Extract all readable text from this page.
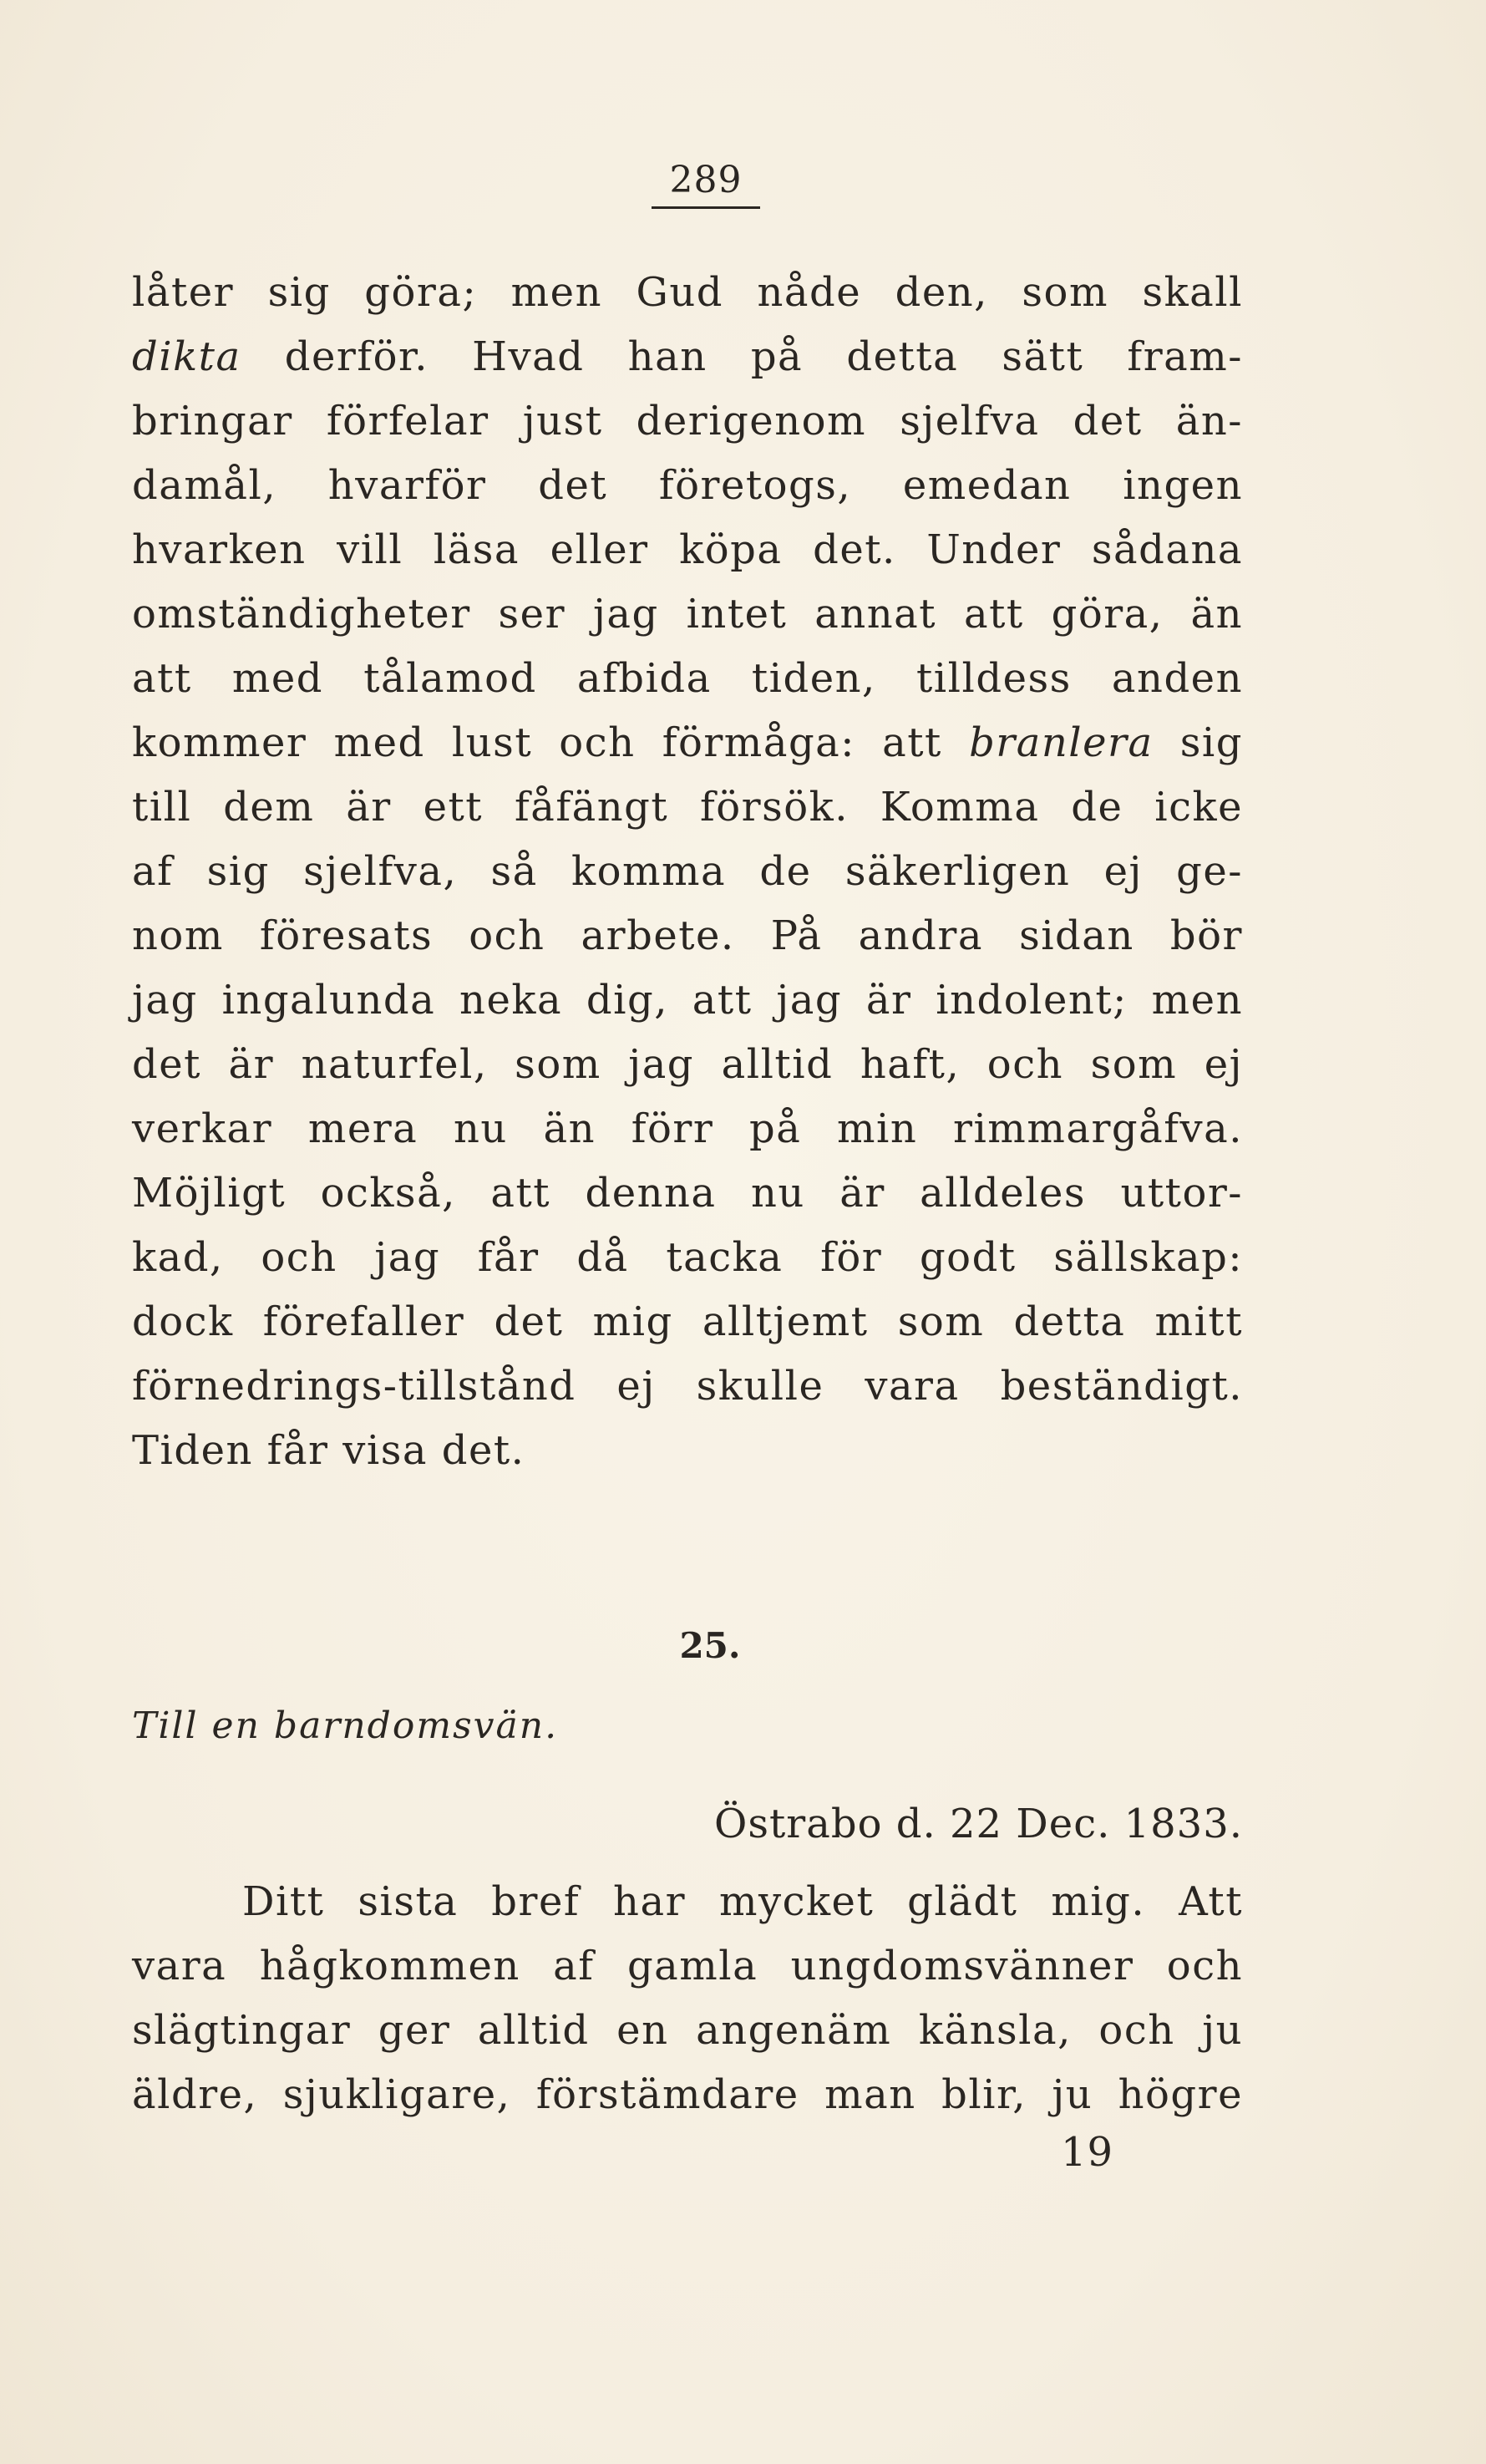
289
låter sig göra; men Gud nåde den, som skall
dikta derför. Hvad han på detta sätt fram-
bringar förfelar just derigenom sjelfva det än-
damål, hvarför det företogs, emedan ingen
hvarken vill läsa eller köpa det. Under sådana
omständigheter ser jag intet annat att göra, än
att med tålamod afbida tiden, tilldess anden
kommer med lust och förmåga: att branlera sig
till dem är ett fåfängt försök. Komma de icke
af sig sjelfva, så komma de säkerligen ej ge-
nom föresats och arbete. På andra sidan bör
jag ingalunda neka dig, att jag är indolent; men
det är naturfel, som jag alltid haft, och som ej
verkar mera nu än förr på min rimmargåfva.
Möjligt också, att denna nu är alldeles uttor-
kad, och jag får då tacka för godt sällskap:
dock förefaller det mig alltjemt som detta mitt
förnedrings-tillstånd ej skulle vara beständigt.
Tiden får visa det.
25.
Till en barndomsvän.
Östrabo d. 22 Dec. 1833.
Ditt sista bref har mycket glädt mig. Att
vara hågkommen af gamla ungdomsvänner och
slägtingar ger alltid en angenäm känsla, och ju
äldre, sjukligare, förstämdare man blir, ju högre
19
